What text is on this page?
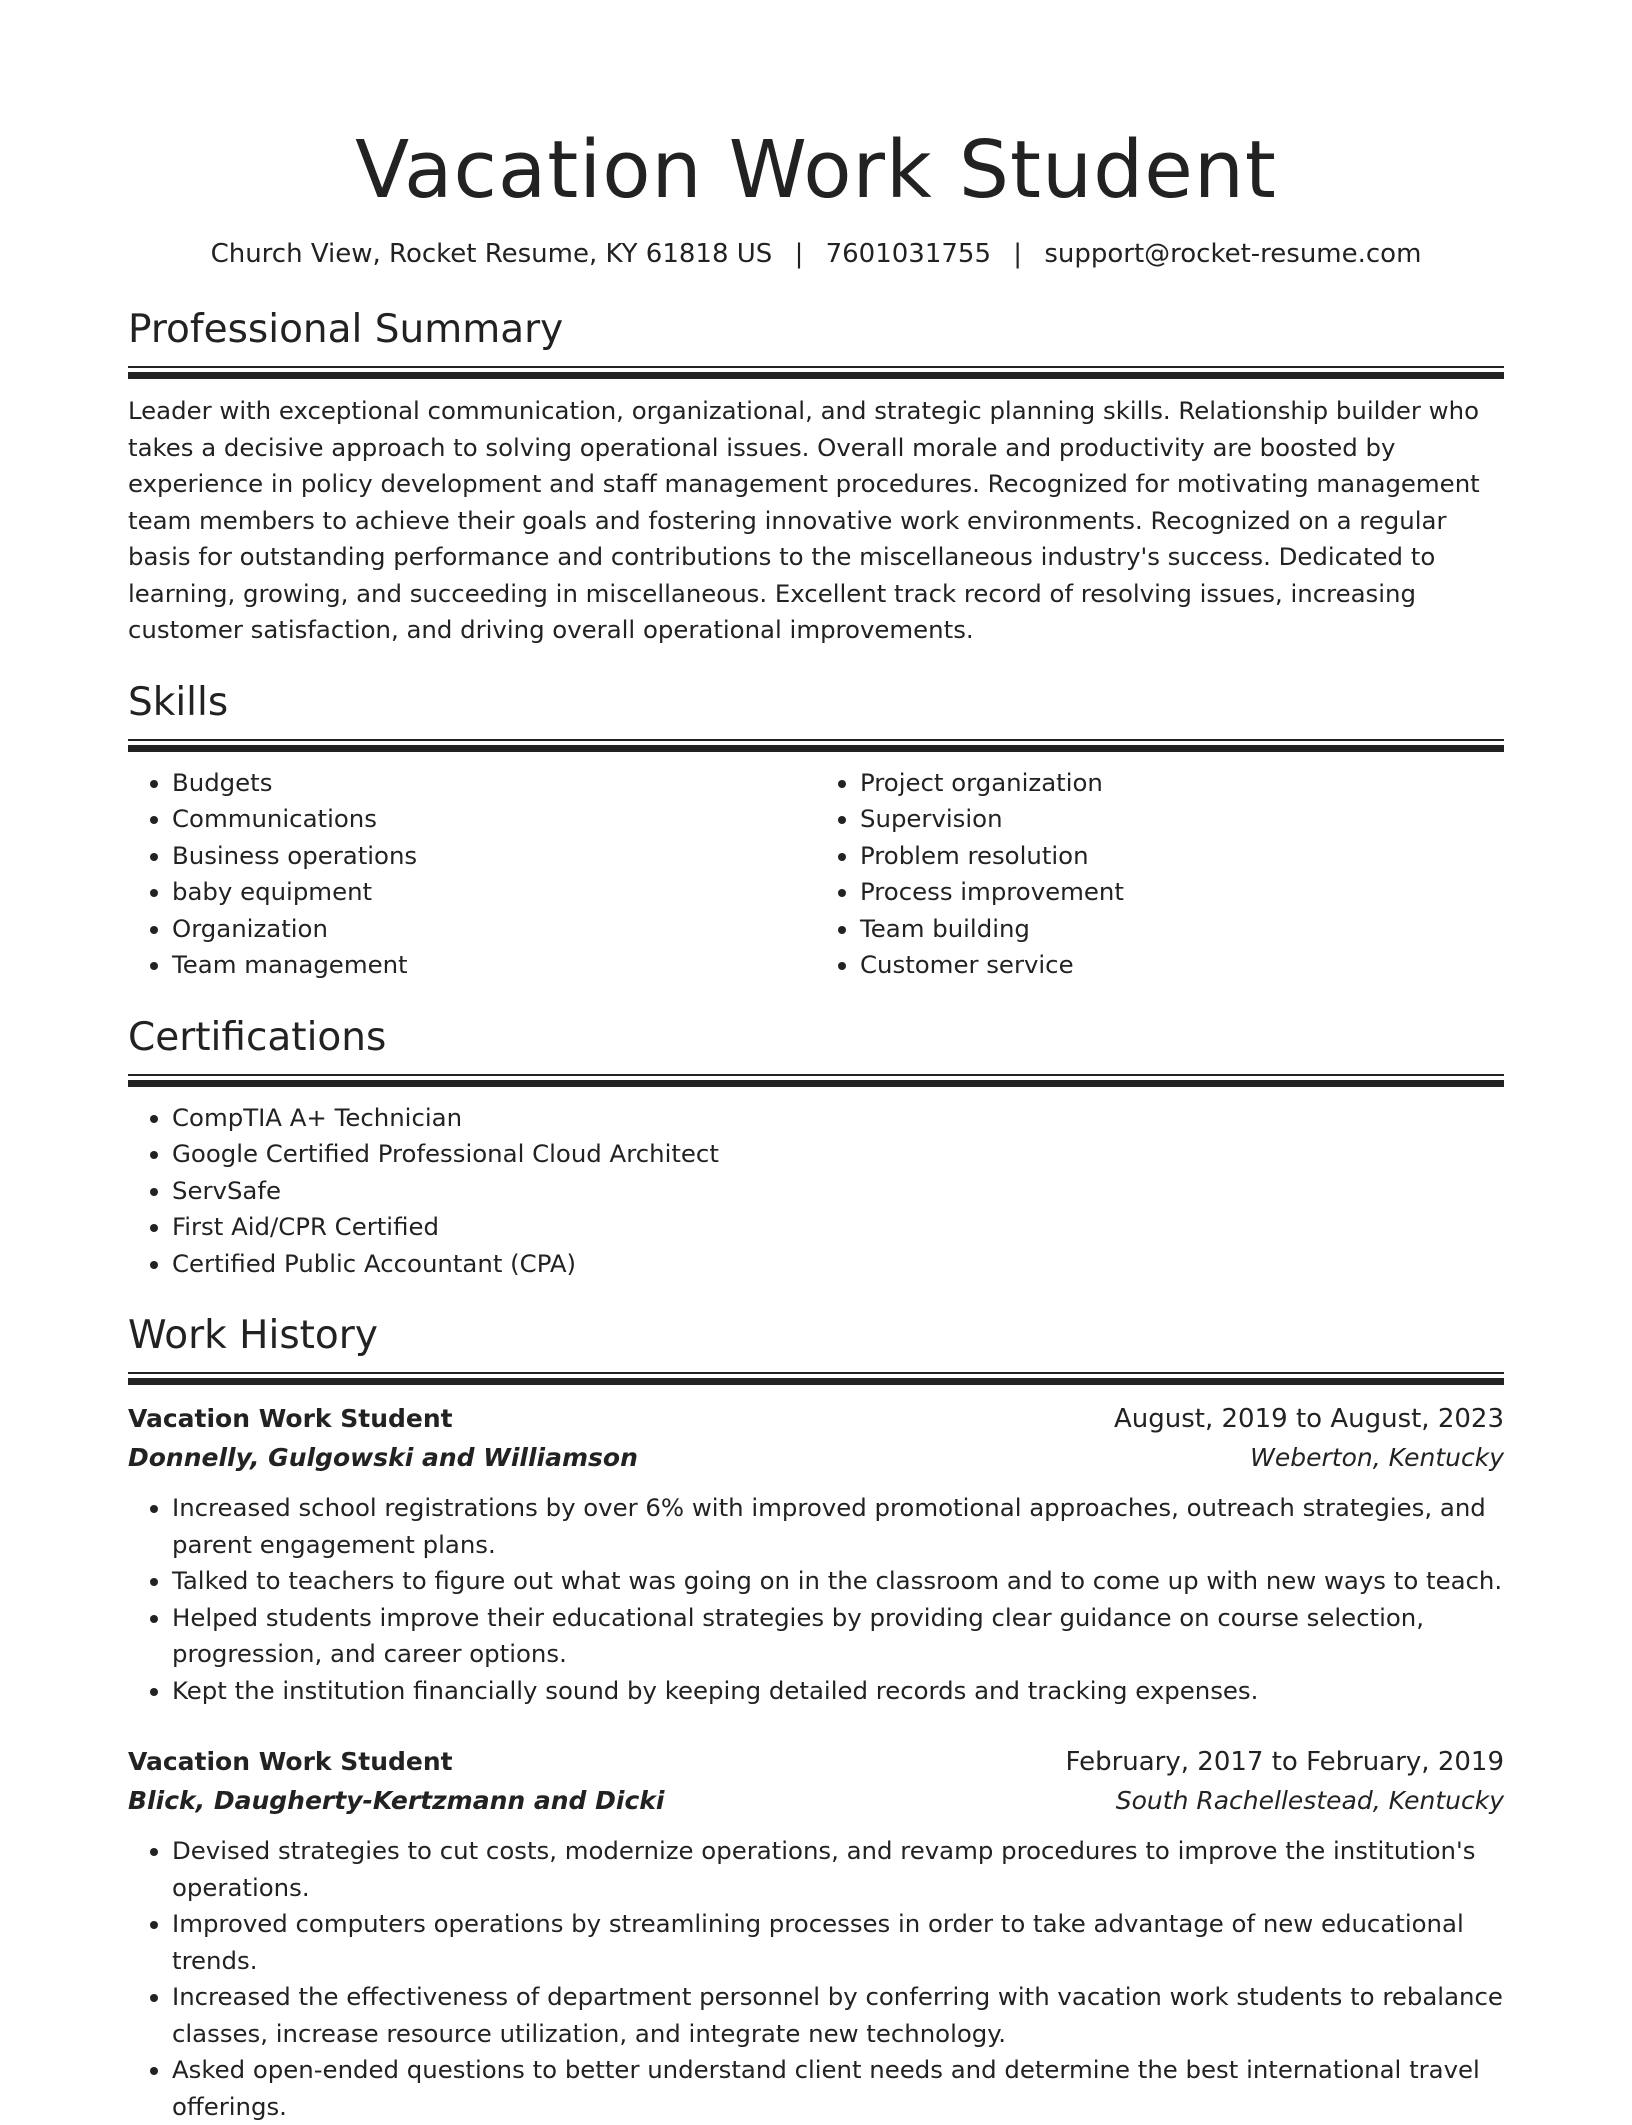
Vacation Work Student
Church View, Rocket Resume, KY 61818 US | 7601031755 | support@rocket-resume.com
Professional Summary
Leader with exceptional communication, organizational, and strategic planning skills. Relationship builder who takes a decisive approach to solving operational issues. Overall morale and productivity are boosted by experience in policy development and staff management procedures. Recognized for motivating management team members to achieve their goals and fostering innovative work environments. Recognized on a regular basis for outstanding performance and contributions to the miscellaneous industry's success. Dedicated to learning, growing, and succeeding in miscellaneous. Excellent track record of resolving issues, increasing customer satisfaction, and driving overall operational improvements.
Skills
• Budgets
• Communications
• Business operations
• baby equipment
• Organization
• Team management
• Project organization
• Supervision
• Problem resolution
• Process improvement
• Team building
• Customer service
Certifications
• CompTIA A+ Technician
• Google Certified Professional Cloud Architect
• ServSafe
• First Aid/CPR Certified
• Certified Public Accountant (CPA)
Work History
Vacation Work Student	August, 2019 to August, 2023
Donnelly, Gulgowski and Williamson	Weberton, Kentucky
• Increased school registrations by over 6% with improved promotional approaches, outreach strategies, and parent engagement plans.
• Talked to teachers to figure out what was going on in the classroom and to come up with new ways to teach.
• Helped students improve their educational strategies by providing clear guidance on course selection, progression, and career options.
• Kept the institution financially sound by keeping detailed records and tracking expenses.
Vacation Work Student	February, 2017 to February, 2019
Blick, Daugherty-Kertzmann and Dicki	South Rachellestead, Kentucky
• Devised strategies to cut costs, modernize operations, and revamp procedures to improve the institution's operations.
• Improved computers operations by streamlining processes in order to take advantage of new educational trends.
• Increased the effectiveness of department personnel by conferring with vacation work students to rebalance classes, increase resource utilization, and integrate new technology.
• Asked open-ended questions to better understand client needs and determine the best international travel offerings.
